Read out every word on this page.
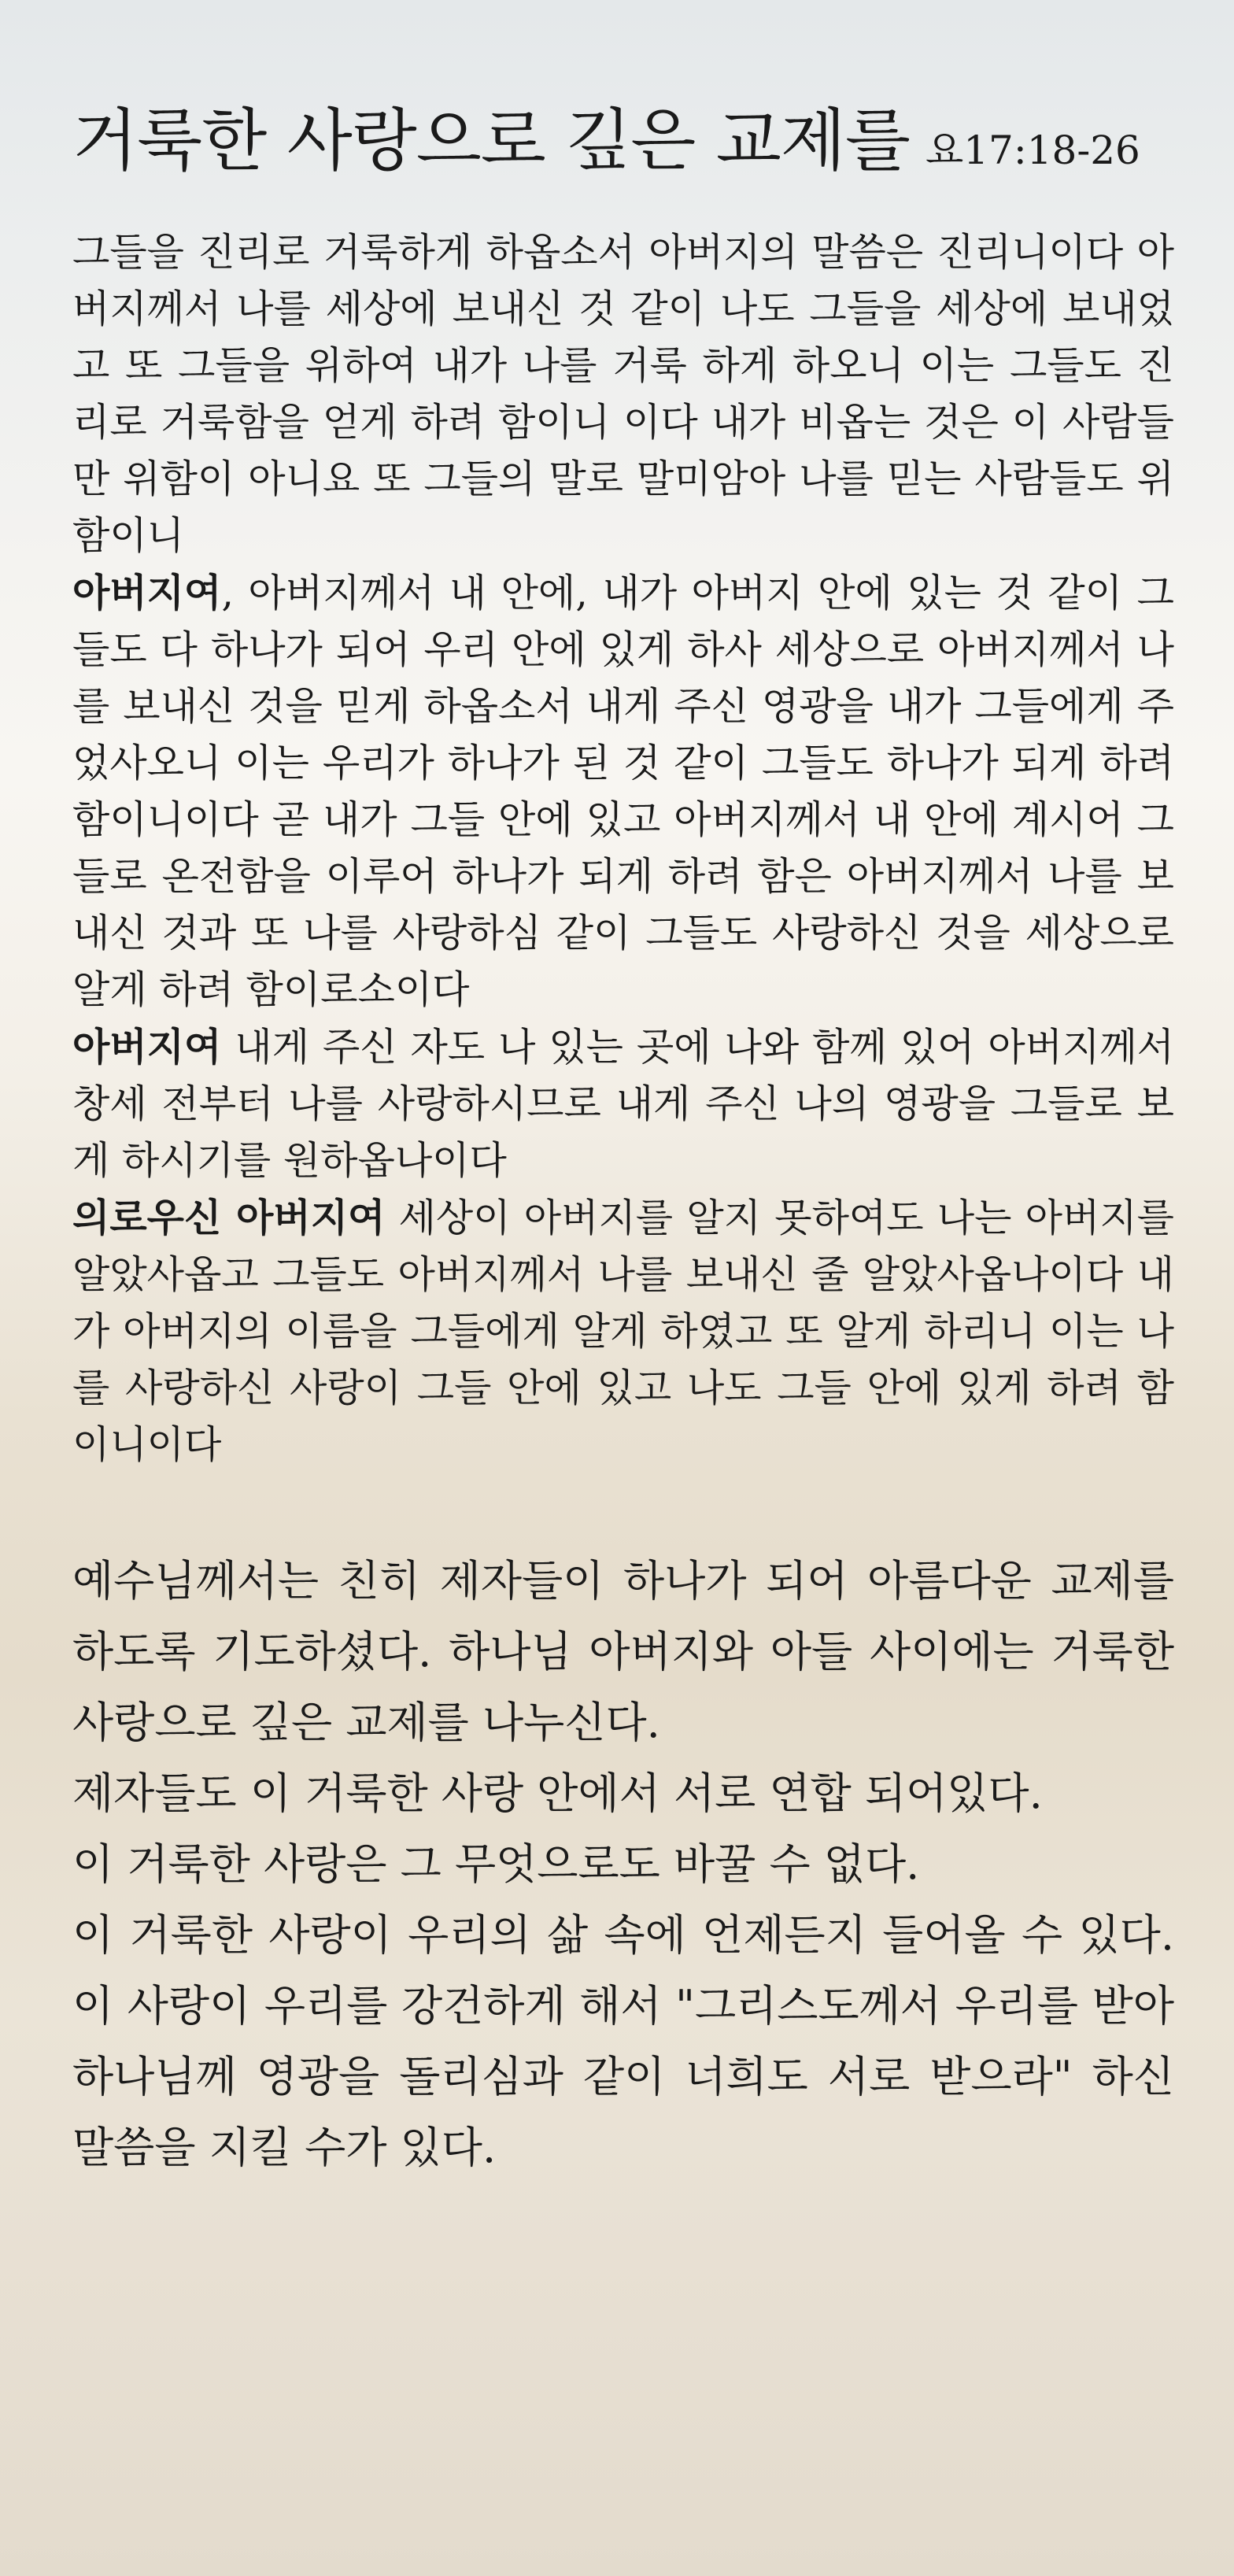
거룩한 사랑으로 깊은 교제를 요17:18-26
그들을 진리로 거룩하게 하옵소서 아버지의 말씀은 진리니이다 아버지께서 나를 세상에 보내신 것 같이 나도 그들을 세상에 보내었고 또 그들을 위하여 내가 나를 거룩 하게 하오니 이는 그들도 진리로 거룩함을 얻게 하려 함이니 이다 내가 비옵는 것은 이 사람들만 위함이 아니요 또 그들의 말로 말미암아 나를 믿는 사람들도 위함이니
아버지여, 아버지께서 내 안에, 내가 아버지 안에 있는 것 같이 그들도 다 하나가 되어 우리 안에 있게 하사 세상으로 아버지께서 나를 보내신 것을 믿게 하옵소서 내게 주신 영광을 내가 그들에게 주었사오니 이는 우리가 하나가 된 것 같이 그들도 하나가 되게 하려 함이니이다 곧 내가 그들 안에 있고 아버지께서 내 안에 계시어 그들로 온전함을 이루어 하나가 되게 하려 함은 아버지께서 나를 보내신 것과 또 나를 사랑하심 같이 그들도 사랑하신 것을 세상으로 알게 하려 함이로소이다
아버지여 내게 주신 자도 나 있는 곳에 나와 함께 있어 아버지께서 창세 전부터 나를 사랑하시므로 내게 주신 나의 영광을 그들로 보게 하시기를 원하옵나이다
의로우신 아버지여 세상이 아버지를 알지 못하여도 나는 아버지를 알았사옵고 그들도 아버지께서 나를 보내신 줄 알았사옵나이다 내가 아버지의 이름을 그들에게 알게 하였고 또 알게 하리니 이는 나를 사랑하신 사랑이 그들 안에 있고 나도 그들 안에 있게 하려 함이니이다
예수님께서는 친히 제자들이 하나가 되어 아름다운 교제를 하도록 기도하셨다. 하나님 아버지와 아들 사이에는 거룩한 사랑으로 깊은 교제를 나누신다.
제자들도 이 거룩한 사랑 안에서 서로 연합 되어있다.
이 거룩한 사랑은 그 무엇으로도 바꿀 수 없다.
이 거룩한 사랑이 우리의 삶 속에 언제든지 들어올 수 있다. 이 사랑이 우리를 강건하게 해서 "그리스도께서 우리를 받아 하나님께 영광을 돌리심과 같이 너희도 서로 받으라" 하신 말씀을 지킬 수가 있다.
